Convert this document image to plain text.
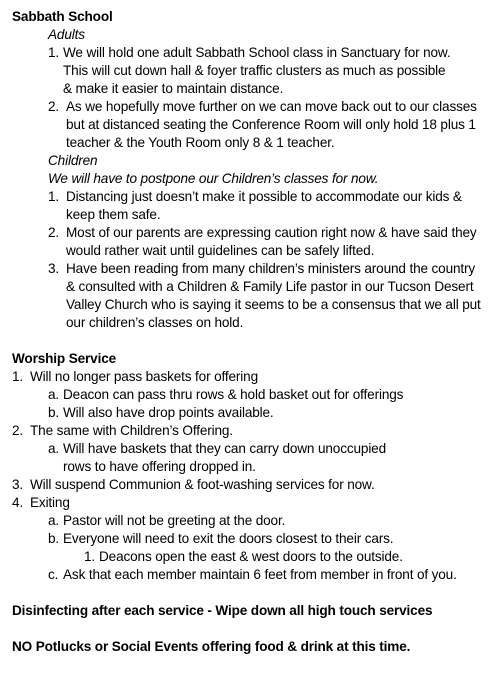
Sabbath School
Adults
1. We will hold one adult Sabbath School class in Sanctuary for now.
This will cut down hall & foyer traffic clusters as much as possible
& make it easier to maintain distance.
2. As we hopefully move further on we can move back out to our classes
but at distanced seating the Conference Room will only hold 18 plus 1
teacher & the Youth Room only 8 & 1 teacher.
Children
We will have to postpone our Children’s classes for now.
1. Distancing just doesn’t make it possible to accommodate our kids &
keep them safe.
2. Most of our parents are expressing caution right now & have said they
would rather wait until guidelines can be safely lifted.
3. Have been reading from many children’s ministers around the country
& consulted with a Children & Family Life pastor in our Tucson Desert
Valley Church who is saying it seems to be a consensus that we all put
our children’s classes on hold.
Worship Service
1. Will no longer pass baskets for offering
a. Deacon can pass thru rows & hold basket out for offerings
b. Will also have drop points available.
2. The same with Children’s Offering.
a. Will have baskets that they can carry down unoccupied
rows to have offering dropped in.
3. Will suspend Communion & foot-washing services for now.
4. Exiting
a. Pastor will not be greeting at the door.
b. Everyone will need to exit the doors closest to their cars.
1. Deacons open the east & west doors to the outside.
c. Ask that each member maintain 6 feet from member in front of you.
Disinfecting after each service - Wipe down all high touch services
NO Potlucks or Social Events offering food & drink at this time.
